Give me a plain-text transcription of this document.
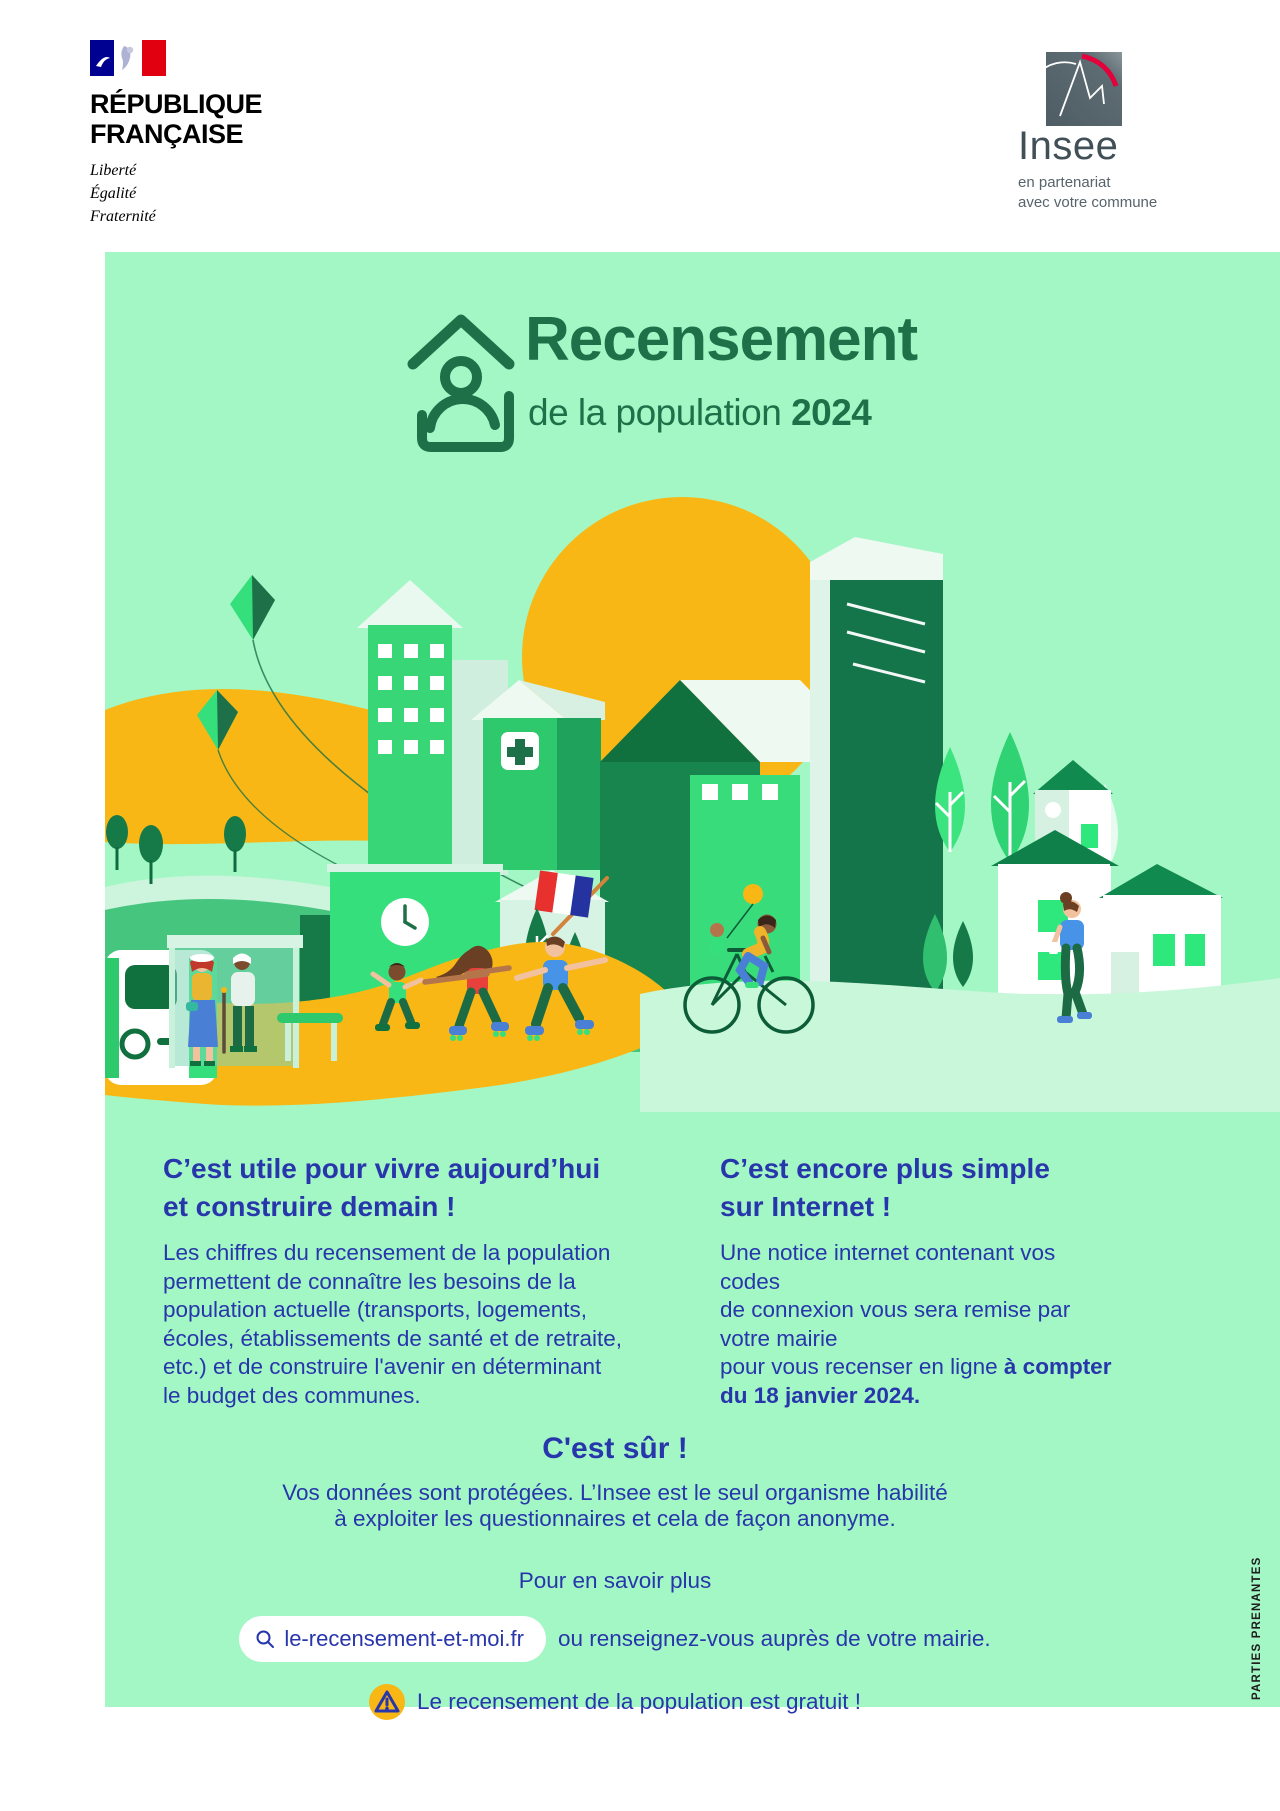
RÉPUBLIQUE
FRANÇAISE
Liberté
Égalité
Fraternité
Insee
en partenariat
avec votre commune
Recensement
de la population 2024
C’est utile pour vivre aujourd’hui
et construire demain !
Les chiffres du recensement de la population
permettent de connaître les besoins de la
population actuelle (transports, logements,
écoles, établissements de santé et de retraite,
etc.) et de construire l'avenir en déterminant
le budget des communes.
C’est encore plus simple
sur Internet !
Une notice internet contenant vos codes
de connexion vous sera remise par votre mairie
pour vous recenser en ligne à compter
du 18 janvier 2024.

C'est sûr !

Vos données sont protégées. L’Insee est le seul organisme habilité
à exploiter les questionnaires et cela de façon anonyme.

Pour en savoir plus
le-recensement-et-moi.fr ou renseignez-vous auprès de votre mairie.
Le recensement de la population est gratuit !
PARTIES PRENANTES
